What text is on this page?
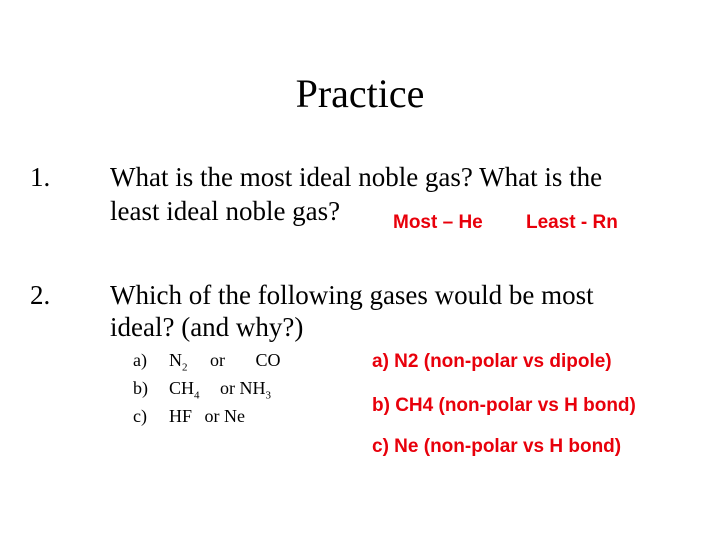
Practice
1. What is the most ideal noble gas? What is the
least ideal noble gas?	Most – He Least - Rn
2. Which of the following gases would be most
ideal? (and why?)
a) $N_2$ or CO
b) $CH_4$ or $NH_3$
c) HF or Ne
a) N2 (non-polar vs dipole)
b) CH4 (non-polar vs H bond)
c) Ne (non-polar vs H bond)
